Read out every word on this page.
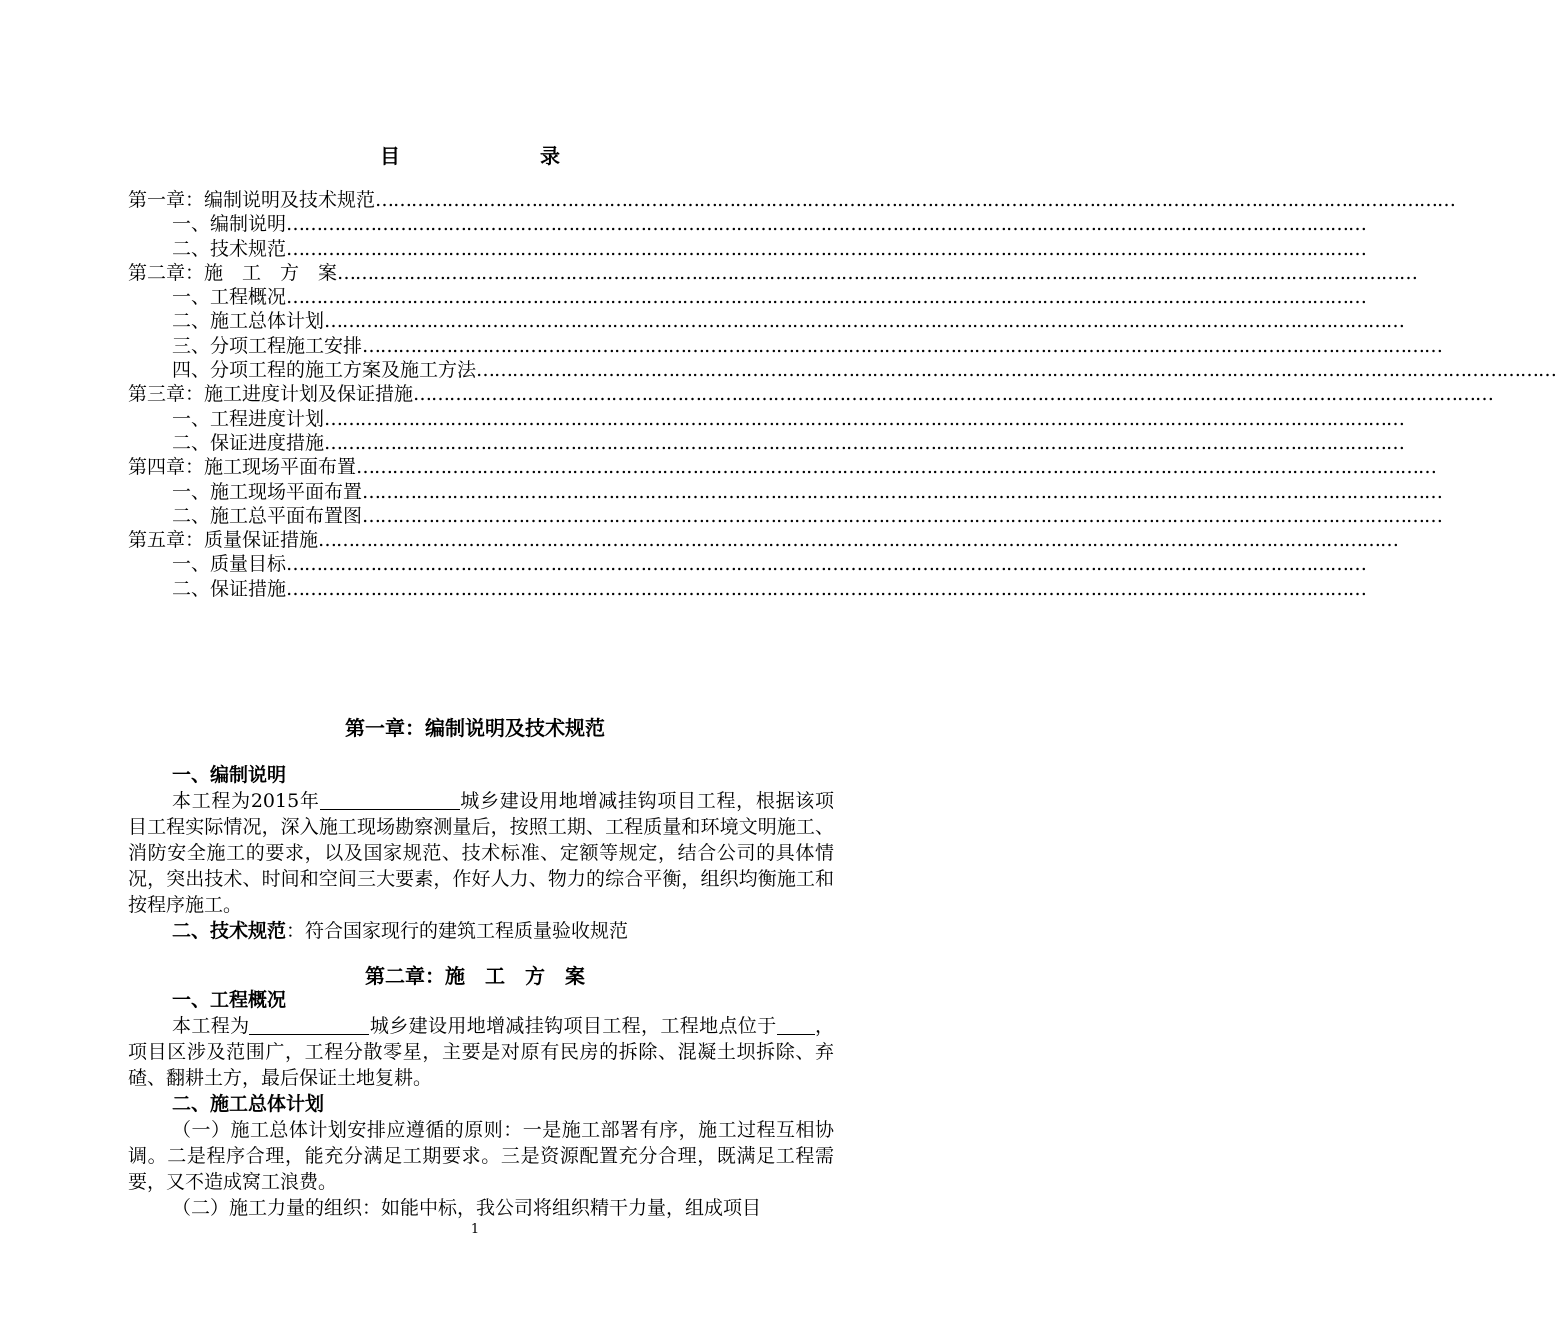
目　录
第一章：编制说明及技术规范………………………………………………………………………………………………………………………………………………………………
一、编制说明………………………………………………………………………………………………………………………………………………………………
二、技术规范………………………………………………………………………………………………………………………………………………………………
第二章：施　工　方　案………………………………………………………………………………………………………………………………………………………………
一、工程概况………………………………………………………………………………………………………………………………………………………………
二、施工总体计划………………………………………………………………………………………………………………………………………………………………
三、分项工程施工安排………………………………………………………………………………………………………………………………………………………………
四、分项工程的施工方案及施工方法………………………………………………………………………………………………………………………………………………………………
第三章：施工进度计划及保证措施………………………………………………………………………………………………………………………………………………………………
一、工程进度计划………………………………………………………………………………………………………………………………………………………………
二、保证进度措施………………………………………………………………………………………………………………………………………………………………
第四章：施工现场平面布置………………………………………………………………………………………………………………………………………………………………
一、施工现场平面布置………………………………………………………………………………………………………………………………………………………………
二、施工总平面布置图………………………………………………………………………………………………………………………………………………………………
第五章：质量保证措施………………………………………………………………………………………………………………………………………………………………
一、质量目标………………………………………………………………………………………………………………………………………………………………
二、保证措施………………………………………………………………………………………………………………………………………………………………
第一章：编制说明及技术规范
一、编制说明
本工程为2015年	城乡建设用地增减挂钩项目工程，根据该项目工程实际情况，深入施工现场勘察测量后，按照工期、工程质量和环境文明施工、消防安全施工的要求，以及国家规范、技术标准、定额等规定，结合公司的具体情况，突出技术、时间和空间三大要素，作好人力、物力的综合平衡，组织均衡施工和按程序施工。
二、技术规范：符合国家现行的建筑工程质量验收规范
第二章：施　工　方　案
一、工程概况
本工程为	城乡建设用地增减挂钩项目工程，工程地点位于 ，项目区涉及范围广，工程分散零星，主要是对原有民房的拆除、混凝土坝拆除、弃碴、翻耕土方，最后保证土地复耕。
二、施工总体计划
（一）施工总体计划安排应遵循的原则：一是施工部署有序，施工过程互相协调。二是程序合理，能充分满足工期要求。三是资源配置充分合理，既满足工程需要，又不造成窝工浪费。
（二）施工力量的组织：如能中标，我公司将组织精干力量，组成项目
1
